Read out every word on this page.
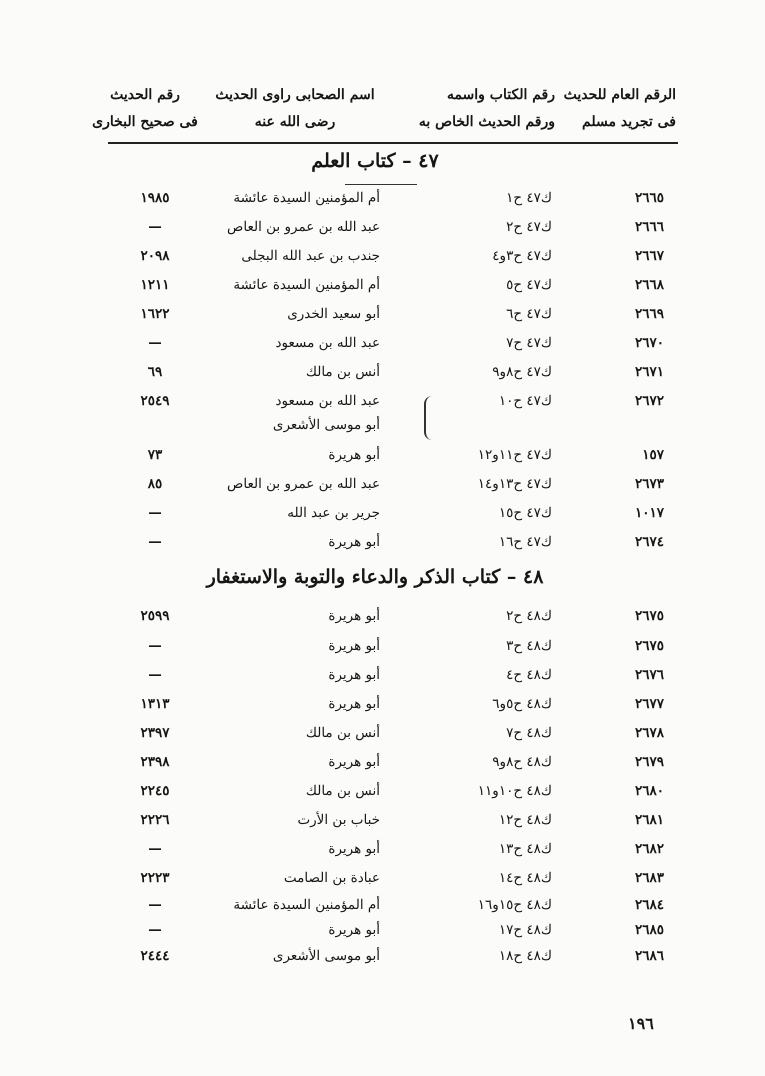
الرقم العام للحديث
رقم الكتاب واسمه
اسم الصحابى راوى الحديث
رقم الحديث
فى تجريد مسلم
ورقم الحديث الخاص به
رضى الله عنه
فى صحيح البخارى
٤٧ – كتاب العلم
٢٦٦٥
ك٤٧ ح١
أم المؤمنين السيدة عائشة
١٩٨٥
٢٦٦٦
ك٤٧ ح٢
عبد الله بن عمرو بن العاص
—
٢٦٦٧
ك٤٧ ح٣و٤
جندب بن عبد الله البجلى
٢٠٩٨
٢٦٦٨
ك٤٧ ح٥
أم المؤمنين السيدة عائشة
١٢١١
٢٦٦٩
ك٤٧ ح٦
أبو سعيد الخدرى
١٦٢٢
٢٦٧٠
ك٤٧ ح٧
عبد الله بن مسعود
—
٢٦٧١
ك٤٧ ح٨و٩
أنس بن مالك
٦٩
٢٦٧٢
ك٤٧ ح١٠
عبد الله بن مسعود
٢٥٤٩
أبو موسى الأشعرى
١٥٧
ك٤٧ ح١١و١٢
أبو هريرة
٧٣
٢٦٧٣
ك٤٧ ح١٣و١٤
عبد الله بن عمرو بن العاص
٨٥
١٠١٧
ك٤٧ ح١٥
جرير بن عبد الله
—
٢٦٧٤
ك٤٧ ح١٦
أبو هريرة
—
٤٨ – كتاب الذكر والدعاء والتوبة والاستغفار
٢٦٧٥
ك٤٨ ح٢
أبو هريرة
٢٥٩٩
٢٦٧٥
ك٤٨ ح٣
أبو هريرة
—
٢٦٧٦
ك٤٨ ح٤
أبو هريرة
—
٢٦٧٧
ك٤٨ ح٥و٦
أبو هريرة
١٣١٣
٢٦٧٨
ك٤٨ ح٧
أنس بن مالك
٢٣٩٧
٢٦٧٩
ك٤٨ ح٨و٩
أبو هريرة
٢٣٩٨
٢٦٨٠
ك٤٨ ح١٠و١١
أنس بن مالك
٢٢٤٥
٢٦٨١
ك٤٨ ح١٢
خباب بن الأرت
٢٢٢٦
٢٦٨٢
ك٤٨ ح١٣
أبو هريرة
—
٢٦٨٣
ك٤٨ ح١٤
عبادة بن الصامت
٢٢٢٣
٢٦٨٤
ك٤٨ ح١٥و١٦
أم المؤمنين السيدة عائشة
—
٢٦٨٥
ك٤٨ ح١٧
أبو هريرة
—
٢٦٨٦
ك٤٨ ح١٨
أبو موسى الأشعرى
٢٤٤٤
١٩٦
